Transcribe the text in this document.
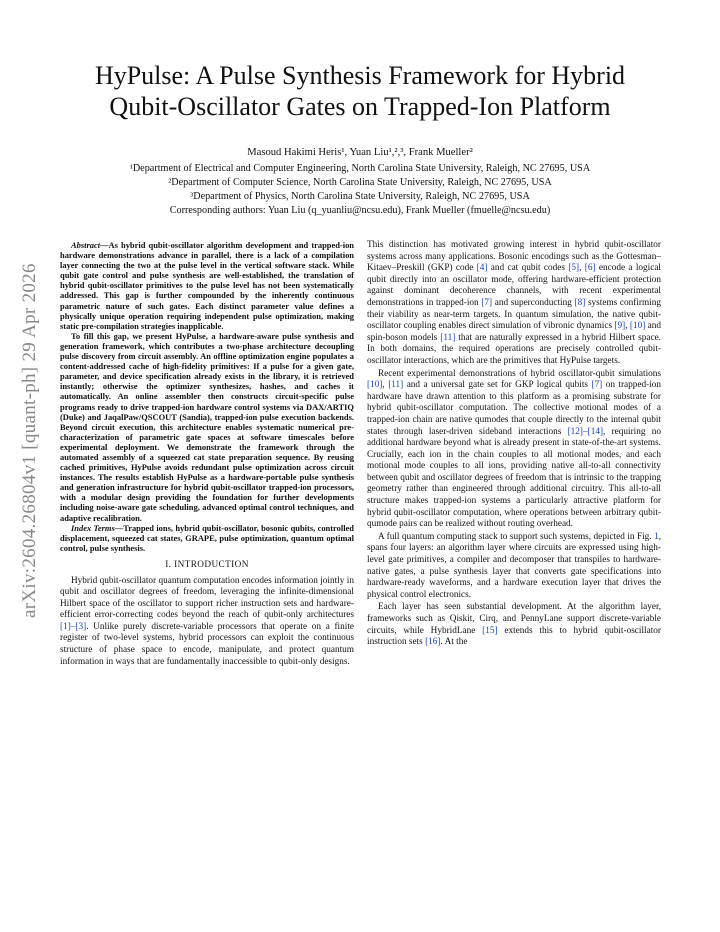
HyPulse: A Pulse Synthesis Framework for Hybrid
Qubit-Oscillator Gates on Trapped-Ion Platform
Masoud Hakimi Heris¹, Yuan Liu¹,²,³, Frank Mueller²
¹Department of Electrical and Computer Engineering, North Carolina State University, Raleigh, NC 27695, USA
²Department of Computer Science, North Carolina State University, Raleigh, NC 27695, USA
³Department of Physics, North Carolina State University, Raleigh, NC 27695, USA
Corresponding authors: Yuan Liu (q_yuanliu@ncsu.edu), Frank Mueller (fmuelle@ncsu.edu)
arXiv:2604.26804v1 [quant-ph] 29 Apr 2026

Abstract—As hybrid qubit-oscillator algorithm development and trapped-ion hardware demonstrations advance in parallel, there is a lack of a compilation layer connecting the two at the pulse level in the vertical software stack. While qubit gate control and pulse synthesis are well-established, the translation of hybrid qubit-oscillator primitives to the pulse level has not been systematically addressed. This gap is further compounded by the inherently continuous parametric nature of such gates. Each distinct parameter value defines a physically unique operation requiring independent pulse optimization, making static pre-compilation strategies inapplicable.

To fill this gap, we present HyPulse, a hardware-aware pulse synthesis and generation framework, which contributes a two-phase architecture decoupling pulse discovery from circuit assembly. An offline optimization engine populates a content-addressed cache of high-fidelity primitives: If a pulse for a given gate, parameter, and device specification already exists in the library, it is retrieved instantly; otherwise the optimizer synthesizes, hashes, and caches it automatically. An online assembler then constructs circuit-specific pulse programs ready to drive trapped-ion hardware control systems via DAX/ARTIQ (Duke) and JaqalPaw/QSCOUT (Sandia), trapped-ion pulse execution backends. Beyond circuit execution, this architecture enables systematic numerical pre-characterization of parametric gate spaces at software timescales before experimental deployment. We demonstrate the framework through the automated assembly of a squeezed cat state preparation sequence. By reusing cached primitives, HyPulse avoids redundant pulse optimization across circuit instances. The results establish HyPulse as a hardware-portable pulse synthesis and generation infrastructure for hybrid qubit-oscillator trapped-ion processors, with a modular design providing the foundation for further developments including noise-aware gate scheduling, advanced optimal control techniques, and adaptive recalibration.

Index Terms—Trapped ions, hybrid qubit-oscillator, bosonic qubits, controlled displacement, squeezed cat states, GRAPE, pulse optimization, quantum optimal control, pulse synthesis.

I. INTRODUCTION

Hybrid qubit-oscillator quantum computation encodes information jointly in qubit and oscillator degrees of freedom, leveraging the infinite-dimensional Hilbert space of the oscillator to support richer instruction sets and hardware-efficient error-correcting codes beyond the reach of qubit-only architectures [1]–[3]. Unlike purely discrete-variable processors that operate on a finite register of two-level systems, hybrid processors can exploit the continuous structure of phase space to encode, manipulate, and protect quantum information in ways that are fundamentally inaccessible to qubit-only designs.

This distinction has motivated growing interest in hybrid qubit-oscillator systems across many applications. Bosonic encodings such as the Gottesman–Kitaev–Preskill (GKP) code [4] and cat qubit codes [5], [6] encode a logical qubit directly into an oscillator mode, offering hardware-efficient protection against dominant decoherence channels, with recent experimental demonstrations in trapped-ion [7] and superconducting [8] systems confirming their viability as near-term targets. In quantum simulation, the native qubit-oscillator coupling enables direct simulation of vibronic dynamics [9], [10] and spin-boson models [11] that are naturally expressed in a hybrid Hilbert space. In both domains, the required operations are precisely controlled qubit-oscillator interactions, which are the primitives that HyPulse targets.

Recent experimental demonstrations of hybrid oscillator-qubit simulations [10], [11] and a universal gate set for GKP logical qubits [7] on trapped-ion hardware have drawn attention to this platform as a promising substrate for hybrid qubit-oscillator computation. The collective motional modes of a trapped-ion chain are native qumodes that couple directly to the internal qubit states through laser-driven sideband interactions [12]–[14], requiring no additional hardware beyond what is already present in state-of-the-art systems. Crucially, each ion in the chain couples to all motional modes, and each motional mode couples to all ions, providing native all-to-all connectivity between qubit and oscillator degrees of freedom that is intrinsic to the trapping geometry rather than engineered through additional circuitry. This all-to-all structure makes trapped-ion systems a particularly attractive platform for hybrid qubit-oscillator computation, where operations between arbitrary qubit-qumode pairs can be realized without routing overhead.

A full quantum computing stack to support such systems, depicted in Fig. 1, spans four layers: an algorithm layer where circuits are expressed using high-level gate primitives, a compiler and decomposer that transpiles to hardware-native gates, a pulse synthesis layer that converts gate specifications into hardware-ready waveforms, and a hardware execution layer that drives the physical control electronics.

Each layer has seen substantial development. At the algorithm layer, frameworks such as Qiskit, Cirq, and PennyLane support discrete-variable circuits, while HybridLane [15] extends this to hybrid qubit-oscillator instruction sets [16]. At the
